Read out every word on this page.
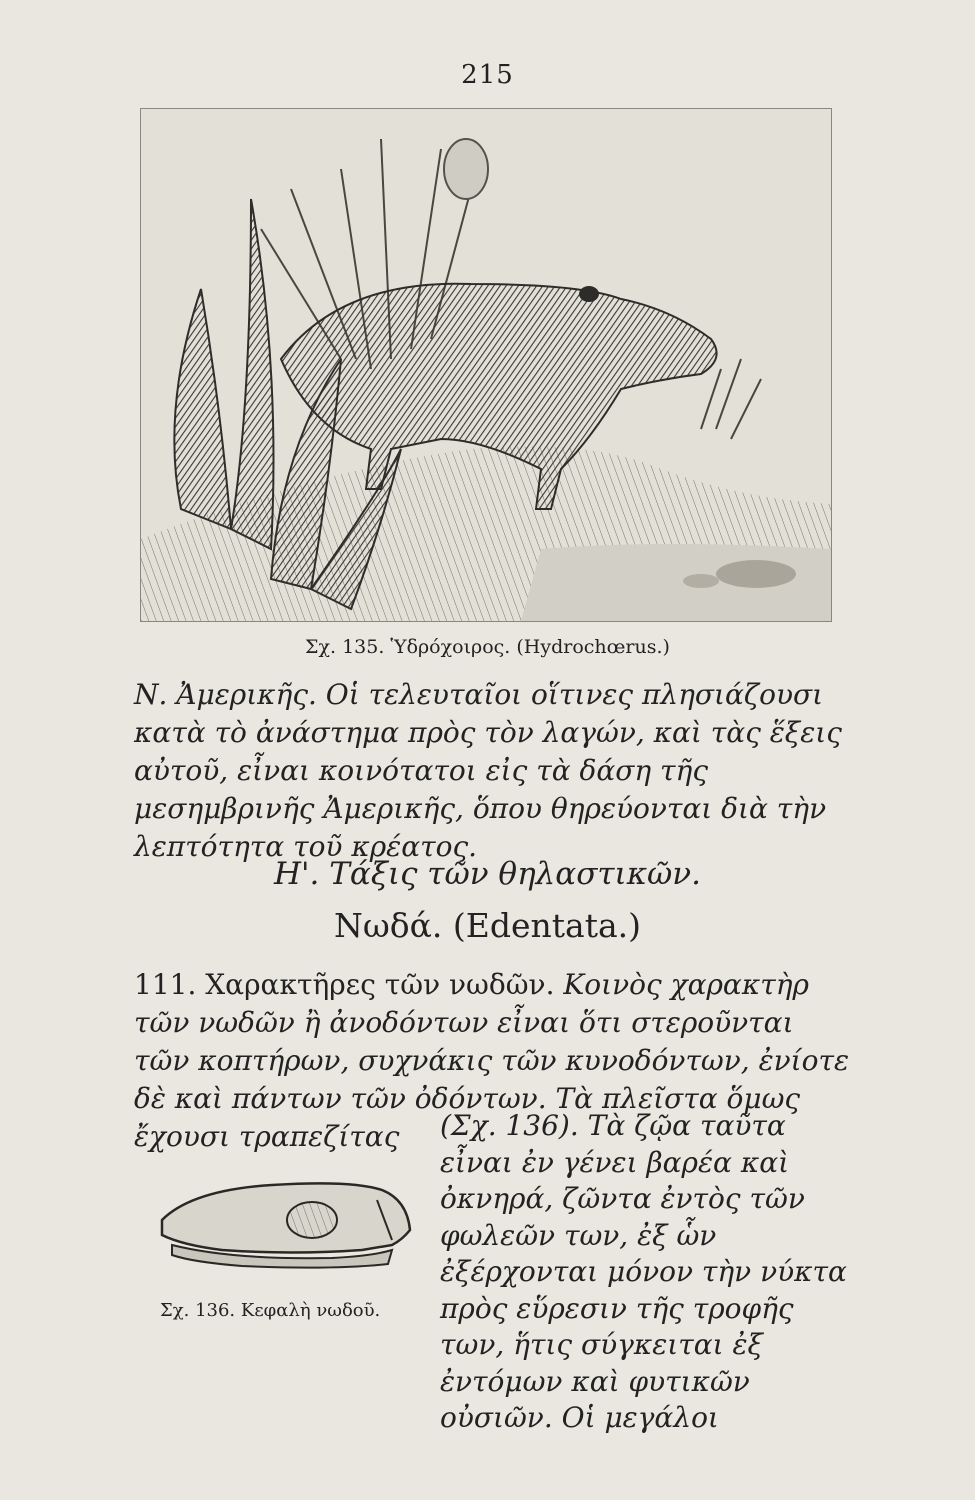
215
Σχ. 135. Ὑδρόχοιρος. (Hydrochœrus.)

Ν. Ἀμερικῆς. Οἱ τελευταῖοι οἵτινες πλησιάζουσι κατὰ τὸ ἀνάστημα πρὸς τὸν λαγών, καὶ τὰς ἕξεις αὐτοῦ, εἶναι κοινότατοι εἰς τὰ δάση τῆς μεσημβρινῆς Ἀμερικῆς, ὅπου θηρεύονται διὰ τὴν λεπτότητα τοῦ κρέατος.

Η'. Τάξις τῶν θηλαστικῶν.
Νωδά. (Edentata.)

111. Χαρακτῆρες τῶν νωδῶν. Κοινὸς χαρακτὴρ τῶν νωδῶν ἢ ἀνοδόντων εἶναι ὅτι στεροῦνται τῶν κοπτήρων, συχνάκις τῶν κυνοδόντων, ἐνίοτε δὲ καὶ πάντων τῶν ὀδόντων. Τὰ πλεῖστα ὅμως ἔχουσι τραπεζίτας	(Σχ. 136). Τὰ ζῷα ταῦτα εἶναι ἐν γένει βαρέα καὶ ὀκνηρά, ζῶντα ἐντὸς τῶν φωλεῶν των, ἐξ ὧν ἐξέρχονται μόνον τὴν νύκτα πρὸς εὕρεσιν τῆς τροφῆς των, ἥτις σύγκειται ἐξ ἐντόμων καὶ φυτικῶν οὐσιῶν. Οἱ μεγάλοι

Σχ. 136. Κεφαλὴ νωδοῦ.
